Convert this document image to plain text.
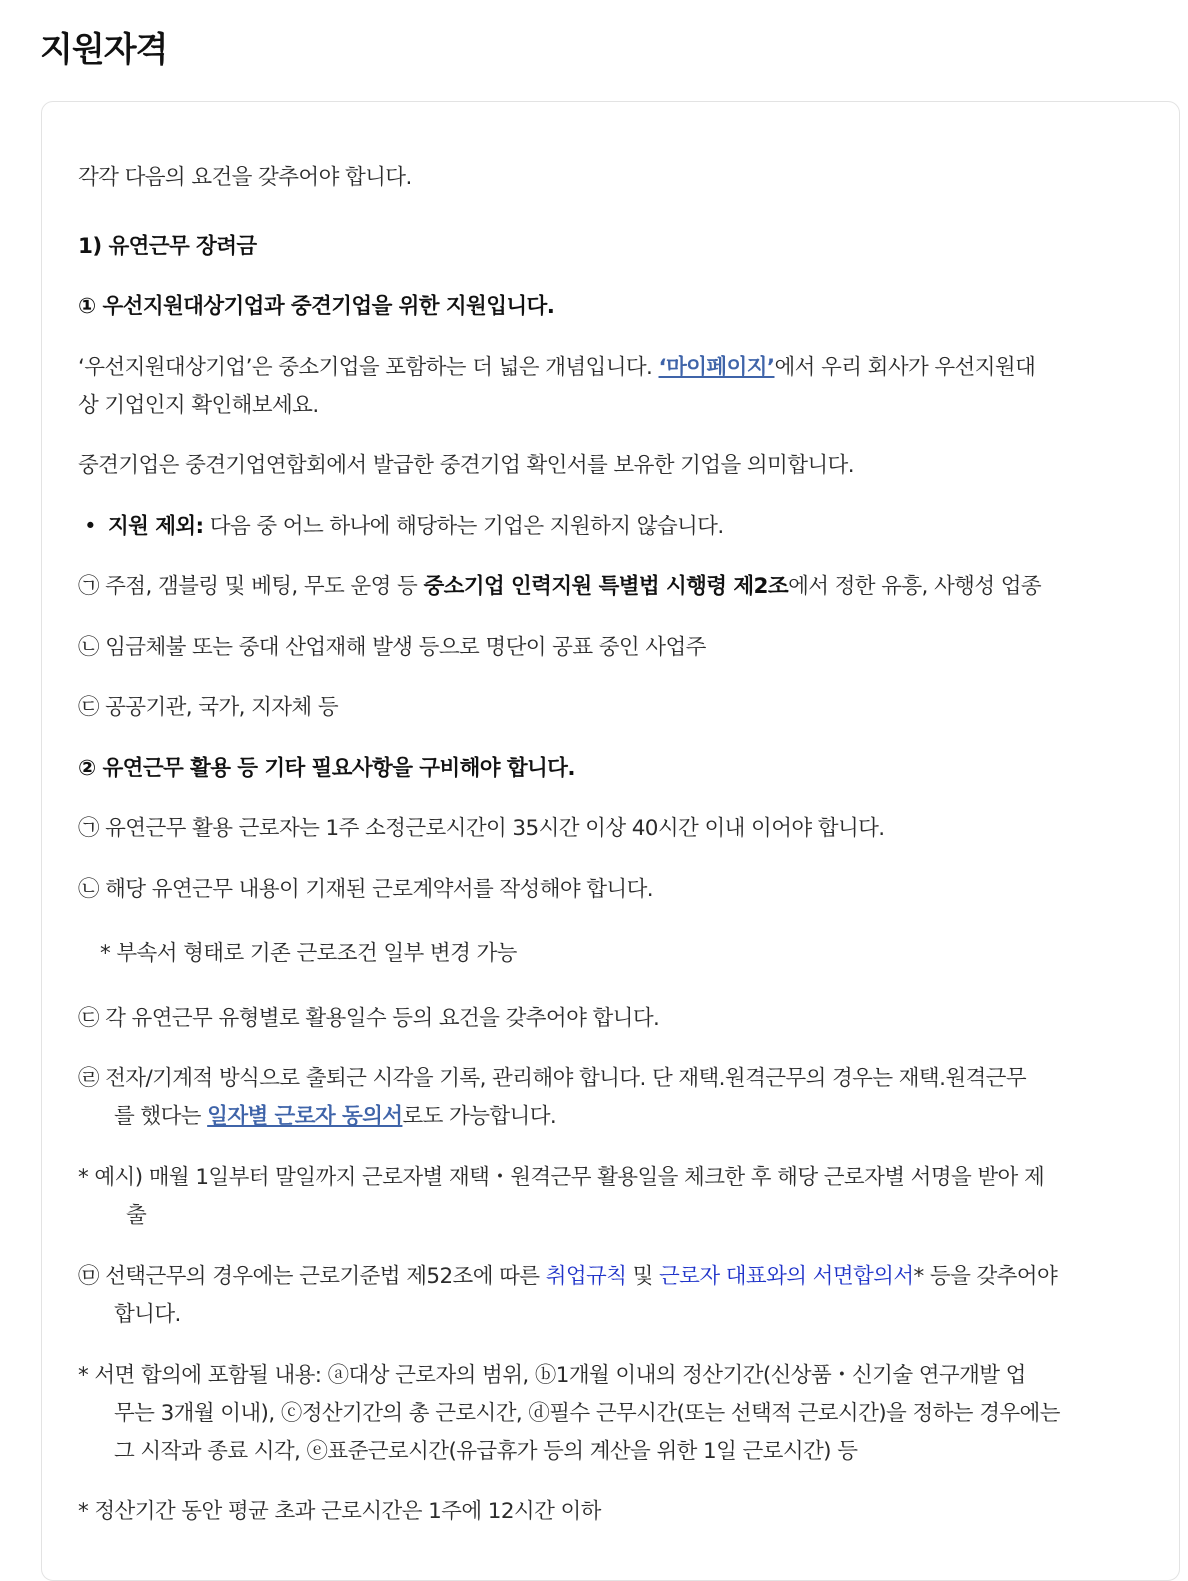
지원자격

각각 다음의 요건을 갖추어야 합니다.

1) 유연근무 장려금

① 우선지원대상기업과 중견기업을 위한 지원입니다.

‘우선지원대상기업’은 중소기업을 포함하는 더 넓은 개념입니다. ‘마이페이지’에서 우리 회사가 우선지원대

상 기업인지 확인해보세요.

중견기업은 중견기업연합회에서 발급한 중견기업 확인서를 보유한 기업을 의미합니다.

• 지원 제외: 다음 중 어느 하나에 해당하는 기업은 지원하지 않습니다.

㉠ 주점, 갬블링 및 베팅, 무도 운영 등 중소기업 인력지원 특별법 시행령 제2조에서 정한 유흥, 사행성 업종

㉡ 임금체불 또는 중대 산업재해 발생 등으로 명단이 공표 중인 사업주

㉢ 공공기관, 국가, 지자체 등

② 유연근무 활용 등 기타 필요사항을 구비해야 합니다.

㉠ 유연근무 활용 근로자는 1주 소정근로시간이 35시간 이상 40시간 이내 이어야 합니다.

㉡ 해당 유연근무 내용이 기재된 근로계약서를 작성해야 합니다.

* 부속서 형태로 기존 근로조건 일부 변경 가능

㉢ 각 유연근무 유형별로 활용일수 등의 요건을 갖추어야 합니다.

㉣ 전자/기계적 방식으로 출퇴근 시각을 기록, 관리해야 합니다. 단 재택.원격근무의 경우는 재택.원격근무

를 했다는 일자별 근로자 동의서로도 가능합니다.

* 예시) 매월 1일부터 말일까지 근로자별 재택・원격근무 활용일을 체크한 후 해당 근로자별 서명을 받아 제

출

㉤ 선택근무의 경우에는 근로기준법 제52조에 따른 취업규칙 및 근로자 대표와의 서면합의서* 등을 갖추어야

합니다.

* 서면 합의에 포함될 내용: ⓐ대상 근로자의 범위, ⓑ1개월 이내의 정산기간(신상품・신기술 연구개발 업

무는 3개월 이내), ⓒ정산기간의 총 근로시간, ⓓ필수 근무시간(또는 선택적 근로시간)을 정하는 경우에는

그 시작과 종료 시각, ⓔ표준근로시간(유급휴가 등의 계산을 위한 1일 근로시간) 등

* 정산기간 동안 평균 초과 근로시간은 1주에 12시간 이하
